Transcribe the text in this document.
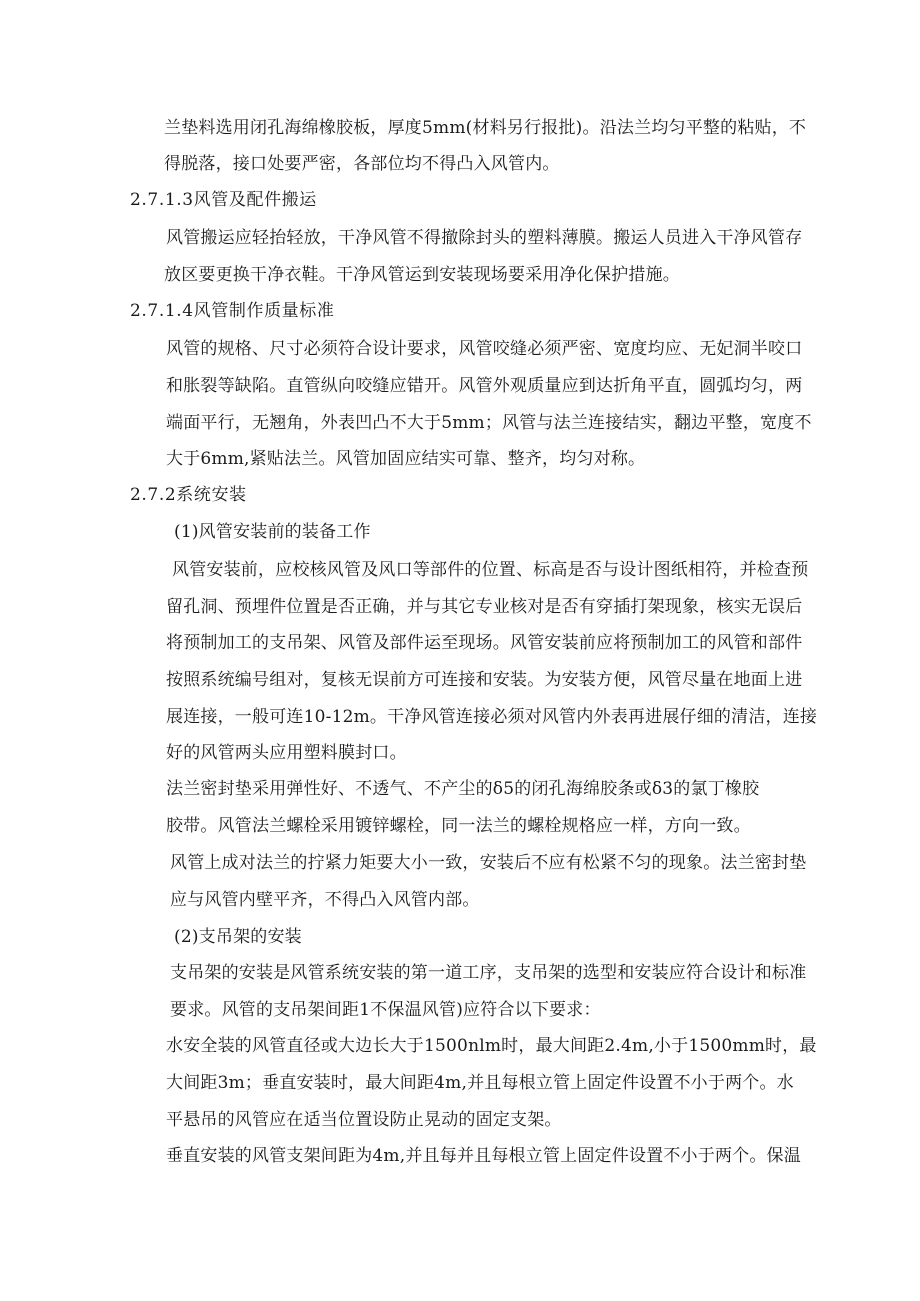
兰垫料选用闭孔海绵橡胶板，厚度5mm(材料另行报批)。沿法兰均匀平整的粘贴，不
得脱落，接口处要严密，各部位均不得凸入风管内。
2.7.1.3风管及配件搬运
风管搬运应轻抬轻放，干净风管不得撤除封头的塑料薄膜。搬运人员进入干净风管存
放区要更换干净衣鞋。干净风管运到安装现场要采用净化保护措施。
2.7.1.4风管制作质量标准
风管的规格、尺寸必须符合设计要求，风管咬缝必须严密、宽度均应、无妃洞半咬口
和胀裂等缺陷。直管纵向咬缝应错开。风管外观质量应到达折角平直，圆弧均匀，两
端面平行，无翘角，外表凹凸不大于5mm；风管与法兰连接结实，翻边平整，宽度不
大于6mm,紧贴法兰。风管加固应结实可靠、整齐，均匀对称。
2.7.2系统安装
(1)风管安装前的装备工作
风管安装前，应校核风管及风口等部件的位置、标高是否与设计图纸相符，并检查预
留孔洞、预埋件位置是否正确，并与其它专业核对是否有穿插打架现象，核实无误后
将预制加工的支吊架、风管及部件运至现场。风管安装前应将预制加工的风管和部件
按照系统编号组对，复核无误前方可连接和安装。为安装方便，风管尽量在地面上进
展连接，一般可连10-12m。干净风管连接必须对风管内外表再进展仔细的清洁，连接
好的风管两头应用塑料膜封口。
法兰密封垫采用弹性好、不透气、不产尘的δ5的闭孔海绵胶条或δ3的氯丁橡胶
胶带。风管法兰螺栓采用镀锌螺栓，同一法兰的螺栓规格应一样，方向一致。
风管上成对法兰的拧紧力矩要大小一致，安装后不应有松紧不匀的现象。法兰密封垫
应与风管内壁平齐，不得凸入风管内部。
(2)支吊架的安装
支吊架的安装是风管系统安装的第一道工序，支吊架的选型和安装应符合设计和标准
要求。风管的支吊架间距1不保温风管)应符合以下要求：
水安全装的风管直径或大边长大于1500nlm时，最大间距2.4m,小于1500mm时，最
大间距3m；垂直安装时，最大间距4m,并且每根立管上固定件设置不小于两个。水
平悬吊的风管应在适当位置设防止晃动的固定支架。
垂直安装的风管支架间距为4m,并且每并且每根立管上固定件设置不小于两个。保温
